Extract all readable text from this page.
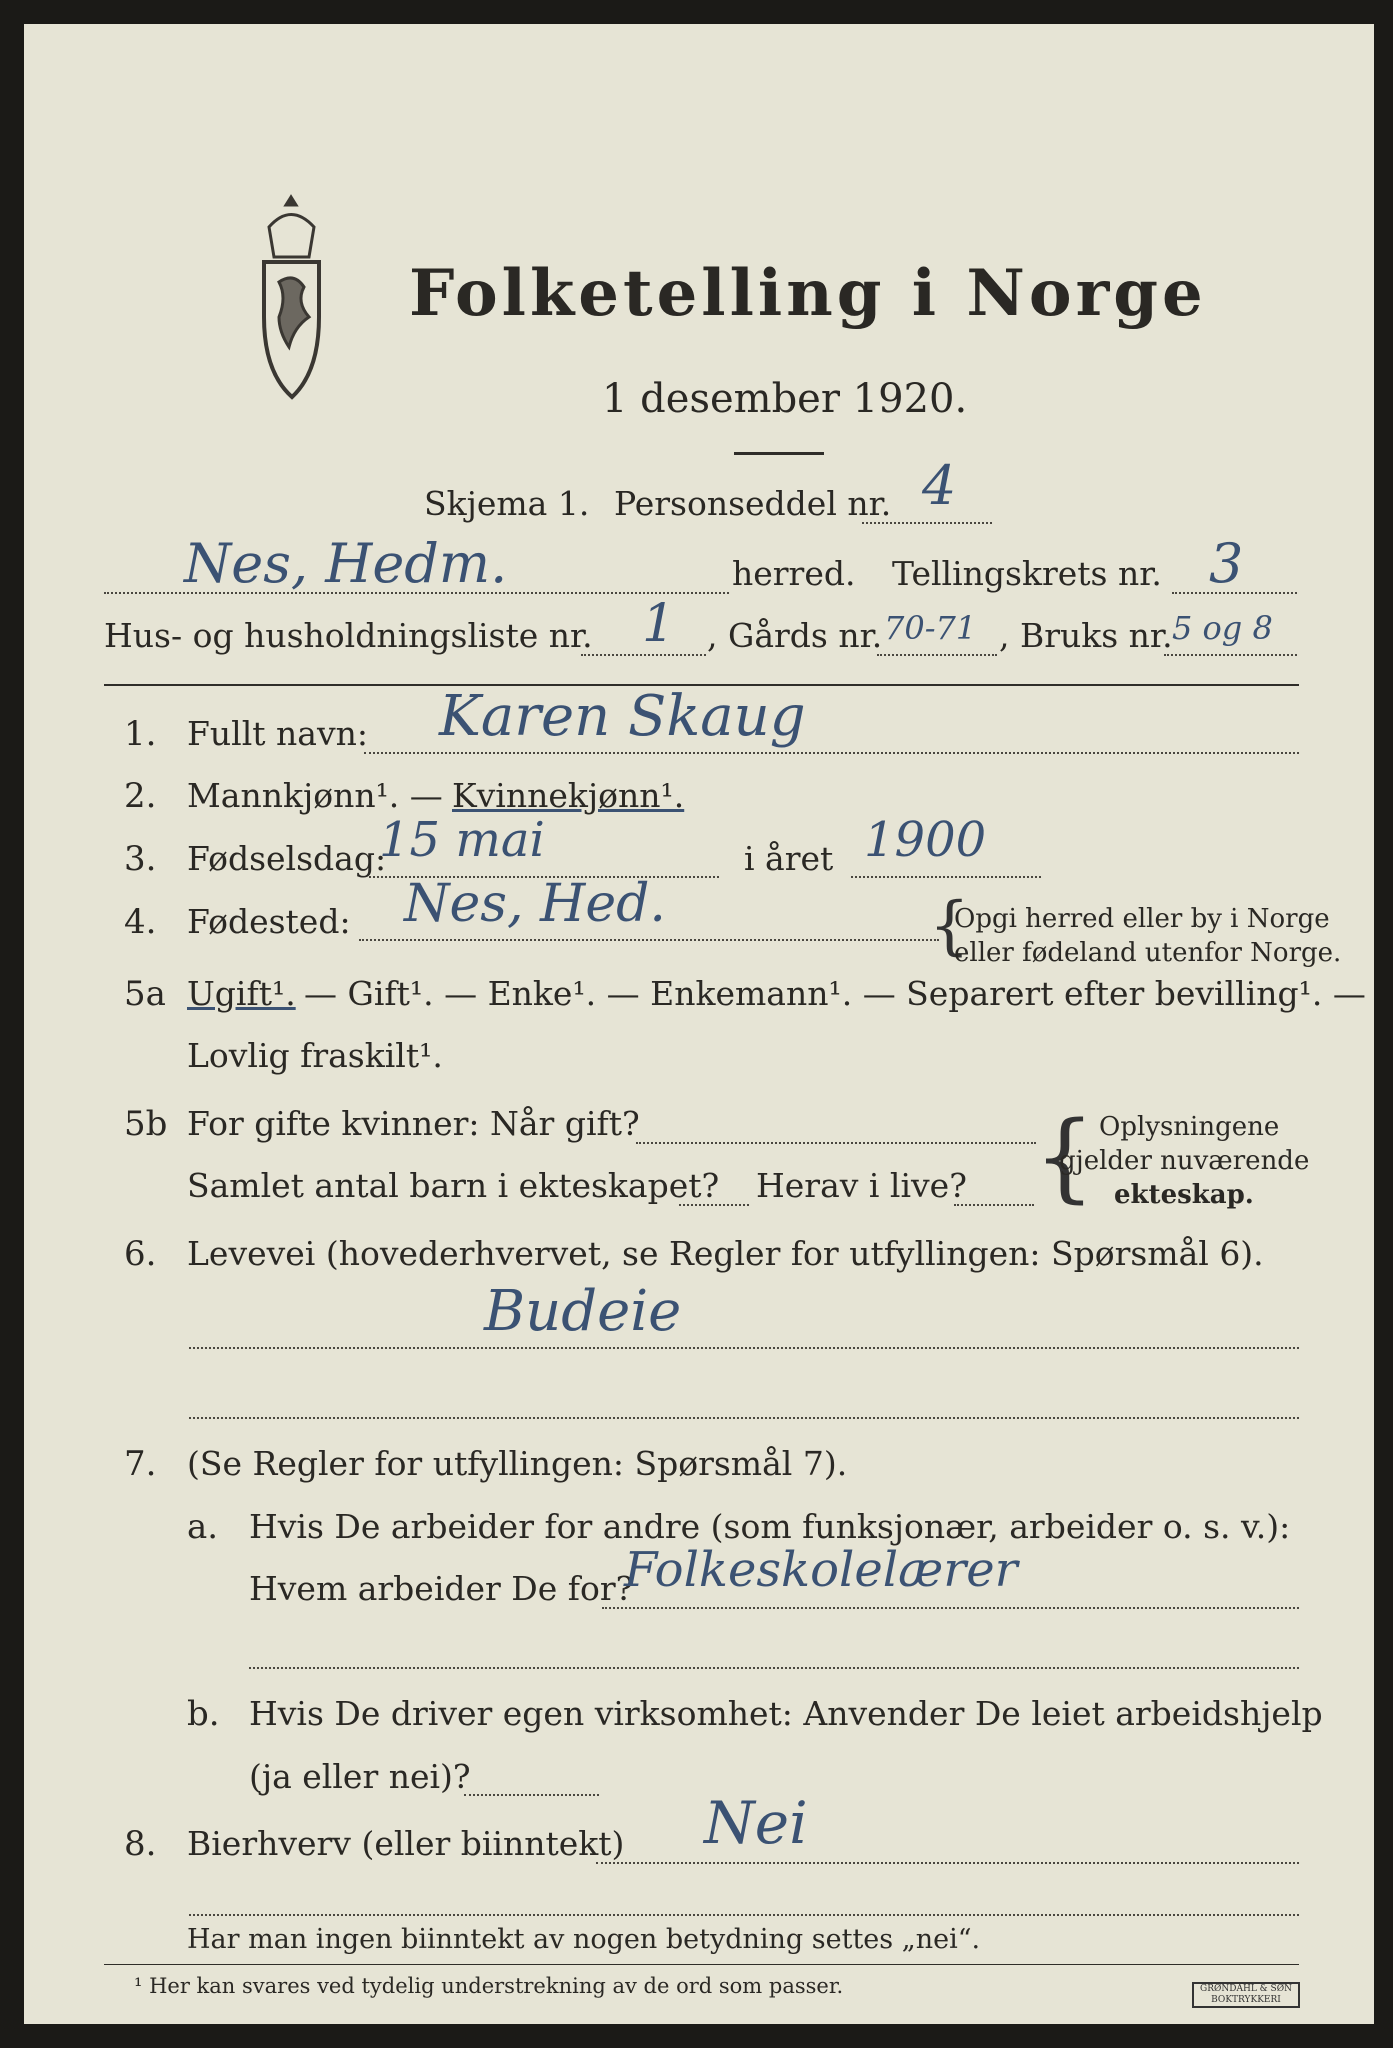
Folketelling i Norge
1 desember 1920.
Skjema 1. Personseddel nr. 4
Nes, Hedm.	herred. Tellingskrets nr. 3
Hus- og husholdningsliste nr. 1 , Gårds nr. 70-71 , Bruks nr. 5 og 8
1. Fullt navn: Karen Skaug
2. Mannkjønn¹. — Kvinnekjønn¹.
3. Fødselsdag:
15 mai	i året 1900
4. Fødested: Nes, Hed.	{
Opgi herred eller by i Norge
eller fødeland utenfor Norge.
5a Ugift¹. — Gift¹. — Enke¹. — Enkemann¹. — Separert efter bevilling¹. —
Lovlig fraskilt¹.
5b For gifte kvinner: Når gift?
Samlet antal barn i ekteskapet? Herav i live? { Oplysningene
gjelder nuværende
ekteskap.
6. Levevei (hovederhvervet, se Regler for utfyllingen: Spørsmål 6).
Budeie
7. (Se Regler for utfyllingen: Spørsmål 7).
a. Hvis De arbeider for andre (som funksjonær, arbeider o. s. v.):
Hvem arbeider De for?
Folkeskolelærer
b. Hvis De driver egen virksomhet: Anvender De leiet arbeidshjelp
(ja eller nei)?
8. Bierhverv (eller biinntekt) Nei
Har man ingen biinntekt av nogen betydning settes „nei“.
¹ Her kan svares ved tydelig understrekning av de ord som passer.	GRØNDAHL & SØN
BOKTRYKKERI
